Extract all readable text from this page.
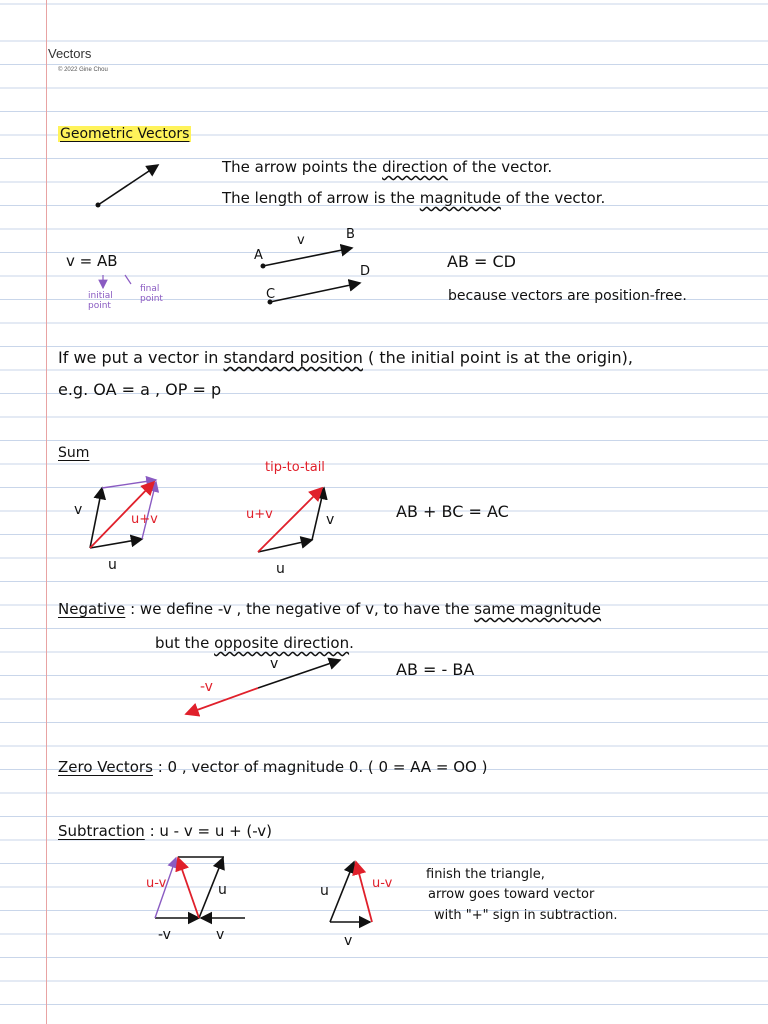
Vectors
© 2022 Gine Chou
Geometric Vectors
The arrow points the direction of the vector.
The length of arrow is the magnitude of the vector.
v = AB
initial
point
final
point
A
B
C
D
v
AB = CD
because vectors are position-free.
If we put a vector in standard position ( the initial point is at the origin),
e.g. OA = a , OP = p
Sum
v
u
u+v
tip-to-tail
u+v	v
u
AB + BC = AC
Negative : we define -v , the negative of v, to have the same magnitude
but the opposite direction.
-v
v	AB = - BA
Zero Vectors : 0 , vector of magnitude 0. ( 0 = AA = OO )
Subtraction : u - v = u + (-v)
u-v	u
-v	v
u	u-v
v
finish the triangle,
arrow goes toward vector
with "+" sign in subtraction.
